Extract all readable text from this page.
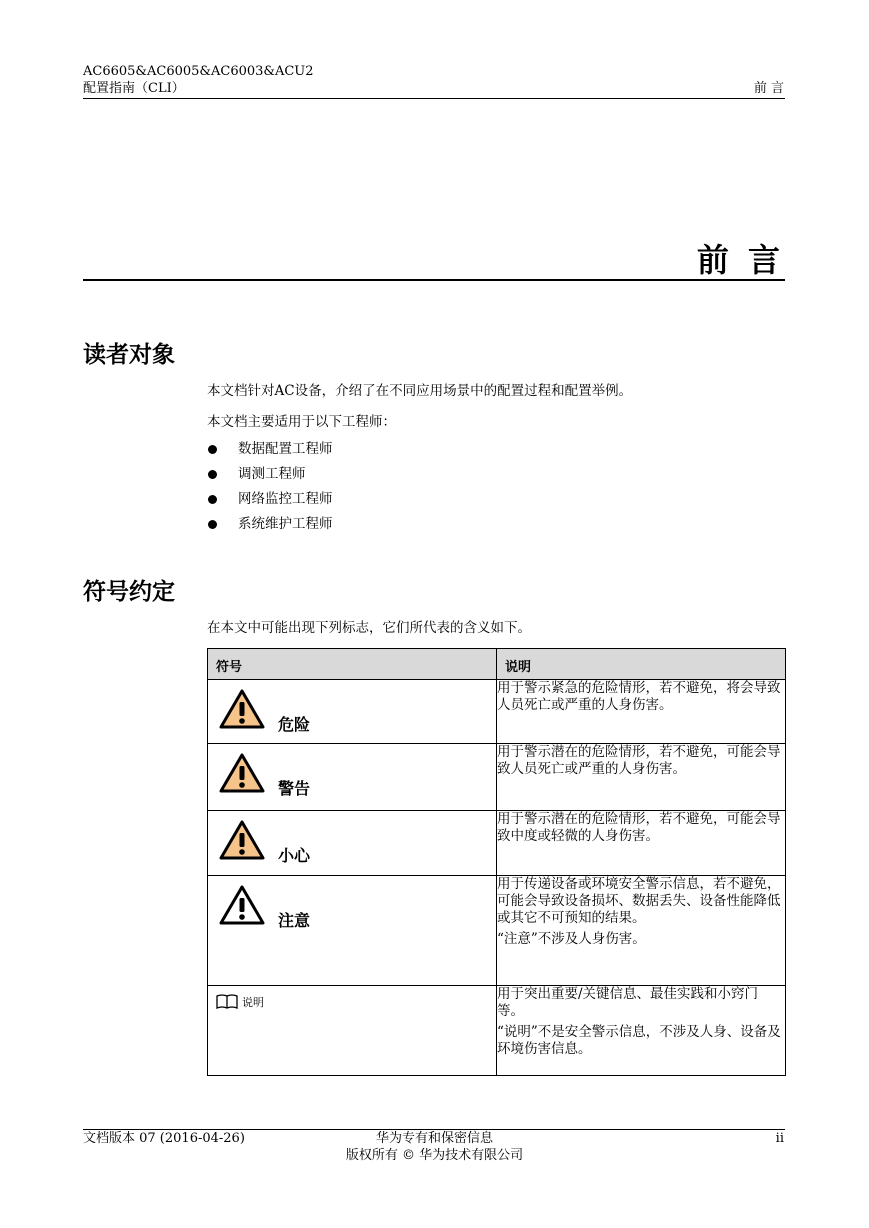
AC6605&AC6005&AC6003&ACU2
配置指南（CLI）	前 言
前 言
读者对象
本文档针对AC设备，介绍了在不同应用场景中的配置过程和配置举例。
本文档主要适用于以下工程师：
数据配置工程师
调测工程师
网络监控工程师
系统维护工程师
符号约定
在本文中可能出现下列标志，它们所代表的含义如下。
符号	说明

危险	用于警示紧急的危险情形，若不避免，将会导致人员死亡或严重的人身伤害。

警告	用于警示潜在的危险情形，若不避免，可能会导致人员死亡或严重的人身伤害。

小心	用于警示潜在的危险情形，若不避免，可能会导致中度或轻微的人身伤害。

注意	用于传递设备或环境安全警示信息，若不避免，可能会导致设备损坏、数据丢失、设备性能降低或其它不可预知的结果。

“注意”不涉及人身伤害。

说明	用于突出重要/关键信息、最佳实践和小窍门等。

“说明”不是安全警示信息，不涉及人身、设备及环境伤害信息。

文档版本 07 (2016-04-26)	华为专有和保密信息
版权所有 © 华为技术有限公司
ii
